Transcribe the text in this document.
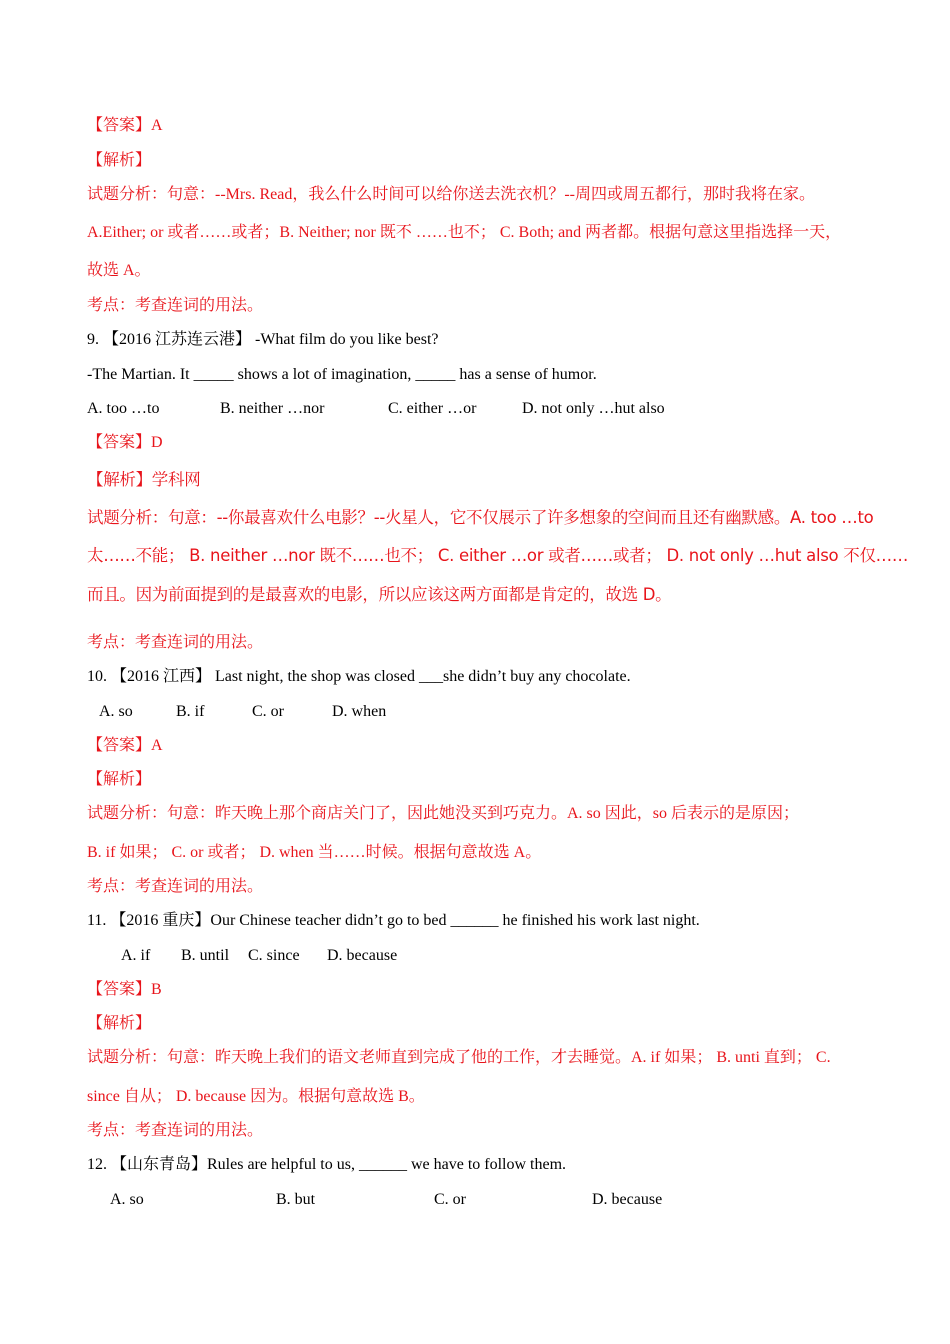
【答案】A
【解析】
试题分析：句意：--Mrs. Read，我么什么时间可以给你送去洗衣机？--周四或周五都行，那时我将在家。
A.Either; or 或者……或者；B. Neither; nor 既不 ……也不； C. Both; and 两者都。根据句意这里指选择一天，
故选 A。
考点：考查连词的用法。
9. 【2016 江苏连云港】 -What film do you like best?
-The Martian. It _____ shows a lot of imagination, _____ has a sense of humor.
A. too …to	B. neither …nor	C. either …or	D. not only …hut also
【答案】D
【解析】学科网
试题分析：句意：--你最喜欢什么电影？--火星人，它不仅展示了许多想象的空间而且还有幽默感。A. too …to
太……不能； B. neither …nor 既不……也不； C. either …or 或者……或者； D. not only …hut also 不仅……
而且。因为前面提到的是最喜欢的电影，所以应该这两方面都是肯定的，故选 D。
考点：考查连词的用法。
10. 【2016 江西】 Last night, the shop was closed ___she didn’t buy any chocolate.
A. so	B. if	C. or	D. when
【答案】A
【解析】
试题分析：句意：昨天晚上那个商店关门了，因此她没买到巧克力。A. so 因此，so 后表示的是原因；
B. if 如果； C. or 或者； D. when 当……时候。根据句意故选 A。
考点：考查连词的用法。
11. 【2016 重庆】Our Chinese teacher didn’t go to bed ______ he finished his work last night.
A. if B. until C. since D. because
【答案】B
【解析】
试题分析：句意：昨天晚上我们的语文老师直到完成了他的工作，才去睡觉。A. if 如果； B. unti 直到； C.
since 自从； D. because 因为。根据句意故选 B。
考点：考查连词的用法。
12. 【山东青岛】Rules are helpful to us, ______ we have to follow them.
A. so	B. but	C. or	D. because
